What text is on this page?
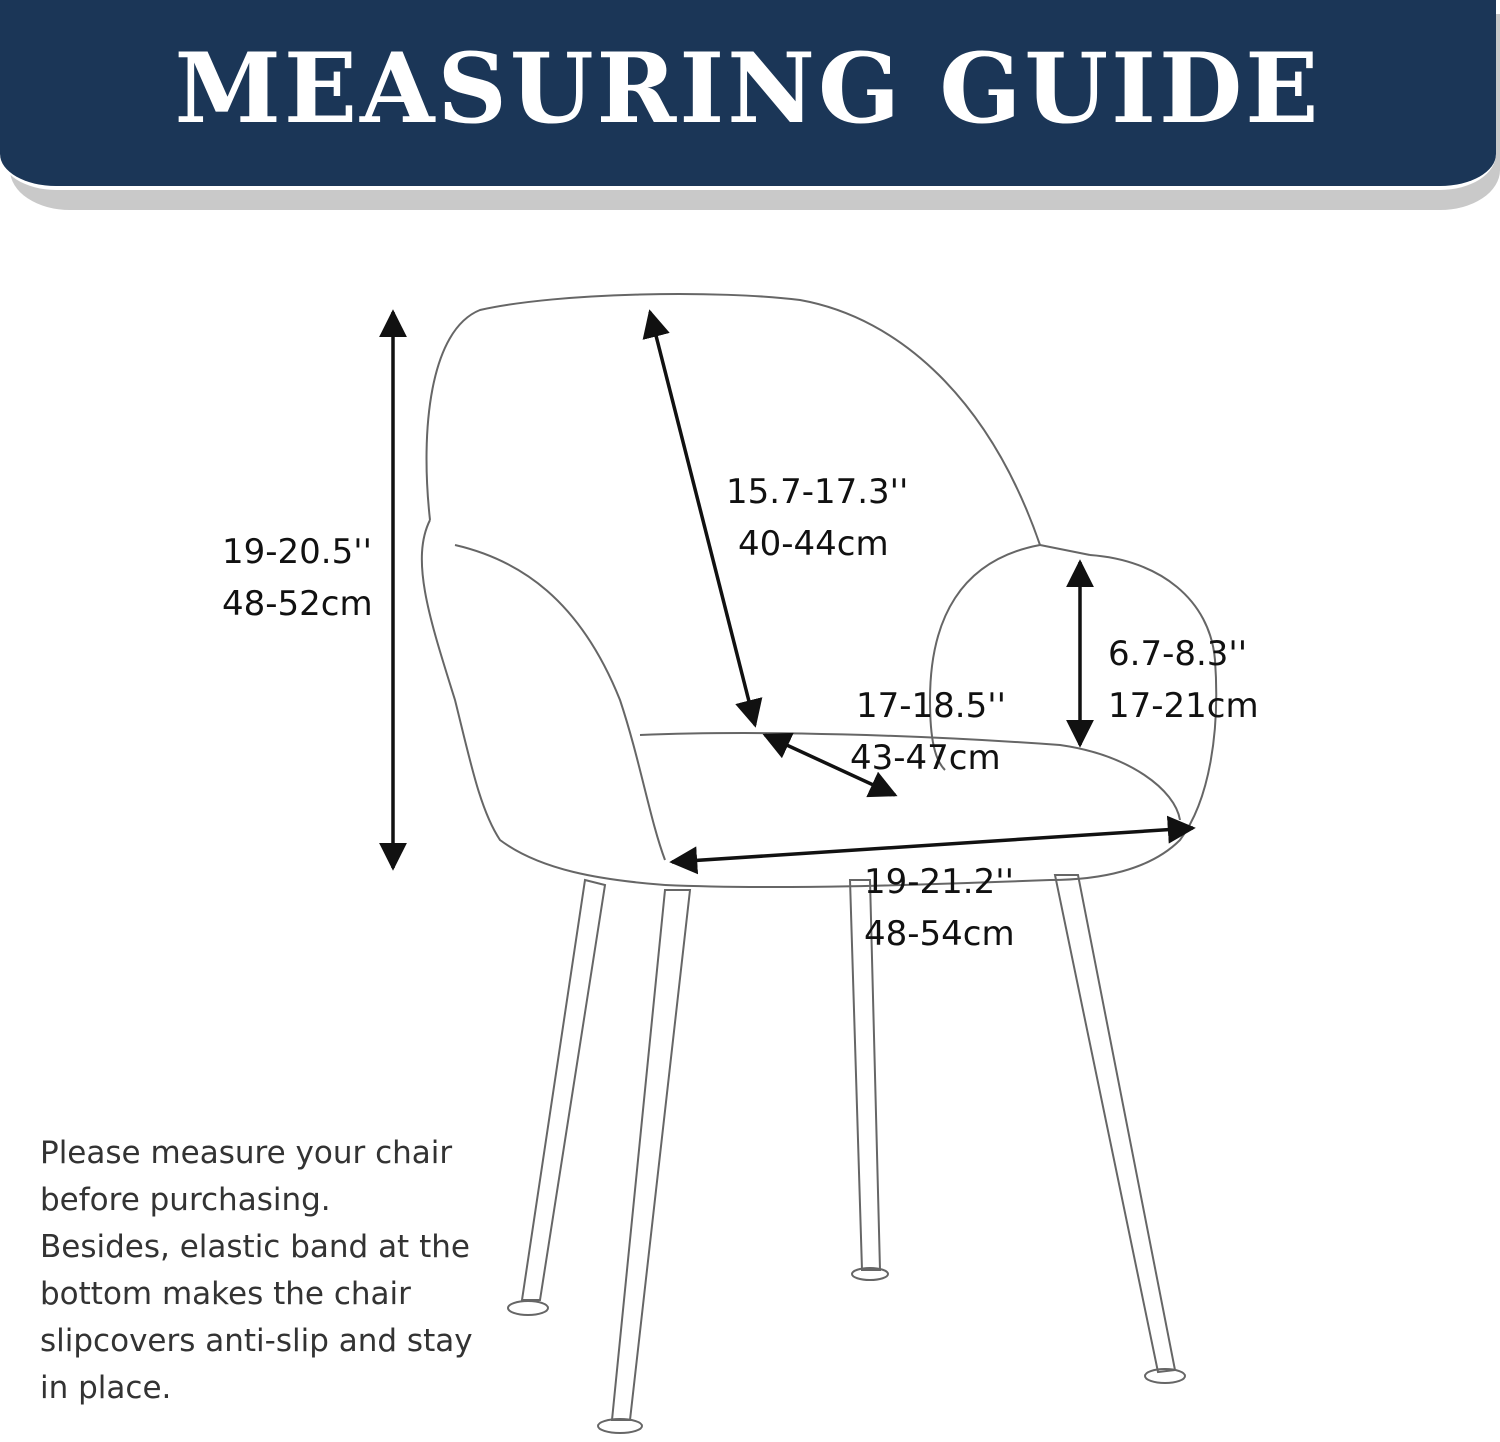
MEASURING GUIDE
19-20.5''
48-52cm
15.7-17.3''
40-44cm
6.7-8.3''
17-21cm
17-18.5''
43-47cm
19-21.2''
48-54cm
Please measure your chair
before purchasing.
Besides, elastic band at the
bottom makes the chair
slipcovers anti-slip and stay
in place.
